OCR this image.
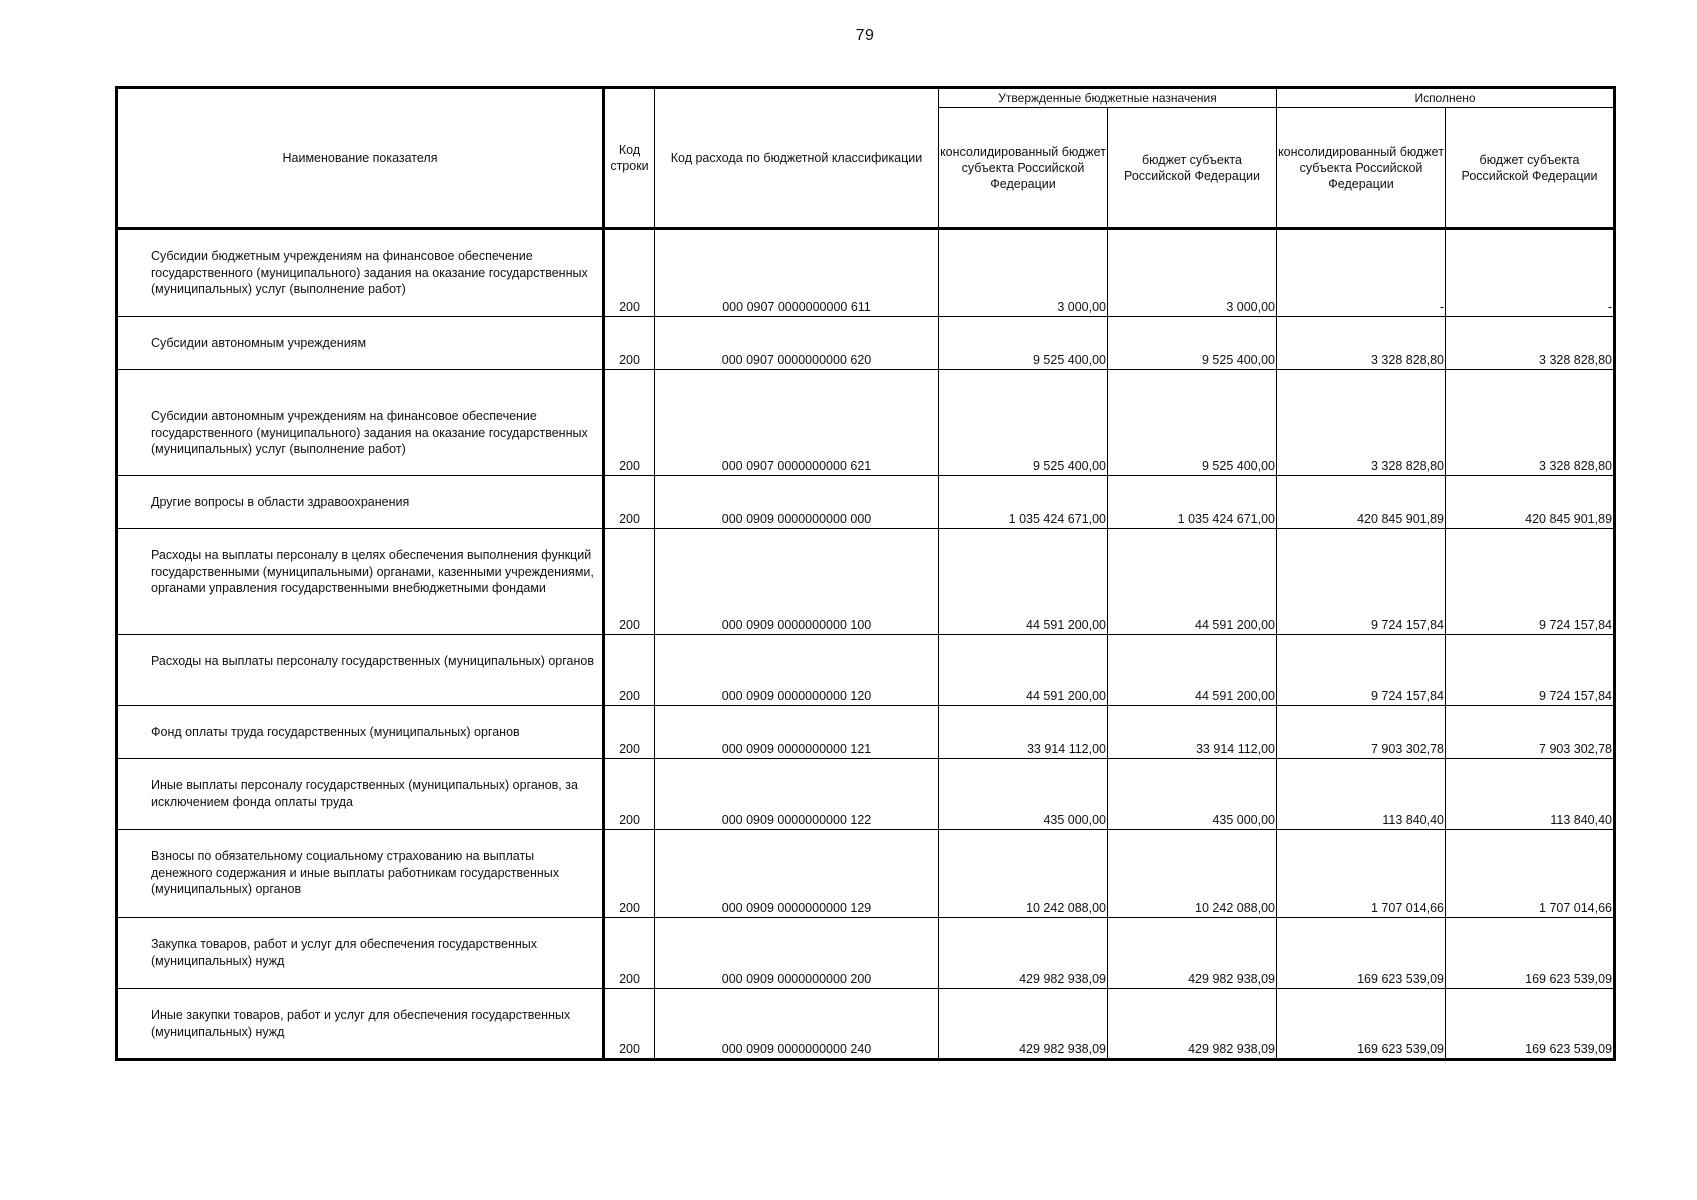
79
Наименование показателя	Код строки	Код расхода по бюджетной классификации	Утвержденные бюджетные назначения		Исполнено	
			консолидированный бюджет субъекта Российской Федерации	бюджет субъекта Российской Федерации	консолидированный бюджет субъекта Российской Федерации	бюджет субъекта Российской Федерации
Субсидии бюджетным учреждениям на финансовое обеспечение государственного (муниципального) задания на оказание государственных (муниципальных) услуг (выполнение работ)	200	000 0907 0000000000 611	3 000,00	3 000,00	-	-
Субсидии автономным учреждениям	200	000 0907 0000000000 620	9 525 400,00	9 525 400,00	3 328 828,80	3 328 828,80
Субсидии автономным учреждениям на финансовое обеспечение государственного (муниципального) задания на оказание государственных (муниципальных) услуг (выполнение работ)	200	000 0907 0000000000 621	9 525 400,00	9 525 400,00	3 328 828,80	3 328 828,80
Другие вопросы в области здравоохранения	200	000 0909 0000000000 000	1 035 424 671,00	1 035 424 671,00	420 845 901,89	420 845 901,89
Расходы на выплаты персоналу в целях обеспечения выполнения функций государственными (муниципальными) органами, казенными учреждениями, органами управления государственными внебюджетными фондами	200	000 0909 0000000000 100	44 591 200,00	44 591 200,00	9 724 157,84	9 724 157,84
Расходы на выплаты персоналу государственных (муниципальных) органов	200	000 0909 0000000000 120	44 591 200,00	44 591 200,00	9 724 157,84	9 724 157,84
Фонд оплаты труда государственных (муниципальных) органов	200	000 0909 0000000000 121	33 914 112,00	33 914 112,00	7 903 302,78	7 903 302,78
Иные выплаты персоналу государственных (муниципальных) органов, за исключением фонда оплаты труда	200	000 0909 0000000000 122	435 000,00	435 000,00	113 840,40	113 840,40
Взносы по обязательному социальному страхованию на выплаты денежного содержания и иные выплаты работникам государственных (муниципальных) органов	200	000 0909 0000000000 129	10 242 088,00	10 242 088,00	1 707 014,66	1 707 014,66
Закупка товаров, работ и услуг для обеспечения государственных (муниципальных) нужд	200	000 0909 0000000000 200	429 982 938,09	429 982 938,09	169 623 539,09	169 623 539,09
Иные закупки товаров, работ и услуг для обеспечения государственных (муниципальных) нужд	200	000 0909 0000000000 240	429 982 938,09	429 982 938,09	169 623 539,09	169 623 539,09
